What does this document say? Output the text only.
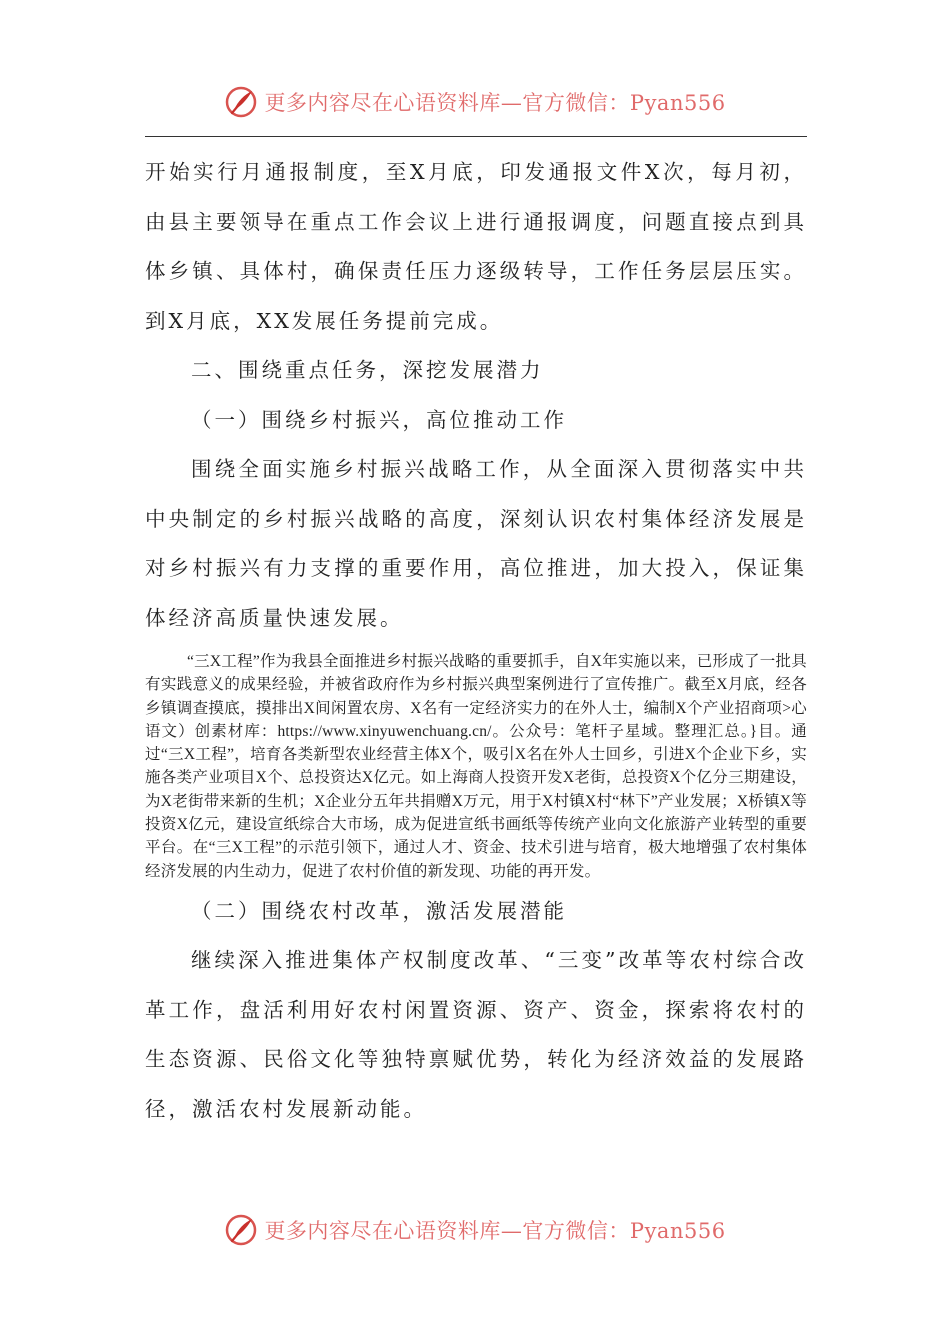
更多内容尽在心语资料库—官方微信：Pyan556

开始实行月通报制度，至X月底，印发通报文件X次，每月初，由县主要领导在重点工作会议上进行通报调度，问题直接点到具体乡镇、具体村，确保责任压力逐级转导，工作任务层层压实。到X月底，XX发展任务提前完成。

二、围绕重点任务，深挖发展潜力

（一）围绕乡村振兴，高位推动工作

围绕全面实施乡村振兴战略工作，从全面深入贯彻落实中共中央制定的乡村振兴战略的高度，深刻认识农村集体经济发展是对乡村振兴有力支撑的重要作用，高位推进，加大投入，保证集体经济高质量快速发展。

“三X工程”作为我县全面推进乡村振兴战略的重要抓手，自X年实施以来，已形成了一批具有实践意义的成果经验，并被省政府作为乡村振兴典型案例进行了宣传推广。截至X月底，经各乡镇调查摸底，摸排出X间闲置农房、X名有一定经济实力的在外人士，编制X个产业招商项>心语文）创素材库：https://www.xinyuwenchuang.cn/。公众号：笔杆子星域。整理汇总。}目。通过“三X工程”，培育各类新型农业经营主体X个，吸引X名在外人士回乡，引进X个企业下乡，实施各类产业项目X个、总投资达X亿元。如上海商人投资开发X老街，总投资X个亿分三期建设，为X老街带来新的生机；X企业分五年共捐赠X万元，用于X村镇X村“林下”产业发展；X桥镇X等投资X亿元，建设宣纸综合大市场，成为促进宣纸书画纸等传统产业向文化旅游产业转型的重要平台。在“三X工程”的示范引领下，通过人才、资金、技术引进与培育，极大地增强了农村集体经济发展的内生动力，促进了农村价值的新发现、功能的再开发。

（二）围绕农村改革，激活发展潜能

继续深入推进集体产权制度改革、“三变”改革等农村综合改革工作，盘活利用好农村闲置资源、资产、资金，探索将农村的生态资源、民俗文化等独特禀赋优势，转化为经济效益的发展路径，激活农村发展新动能。

更多内容尽在心语资料库—官方微信：Pyan556
